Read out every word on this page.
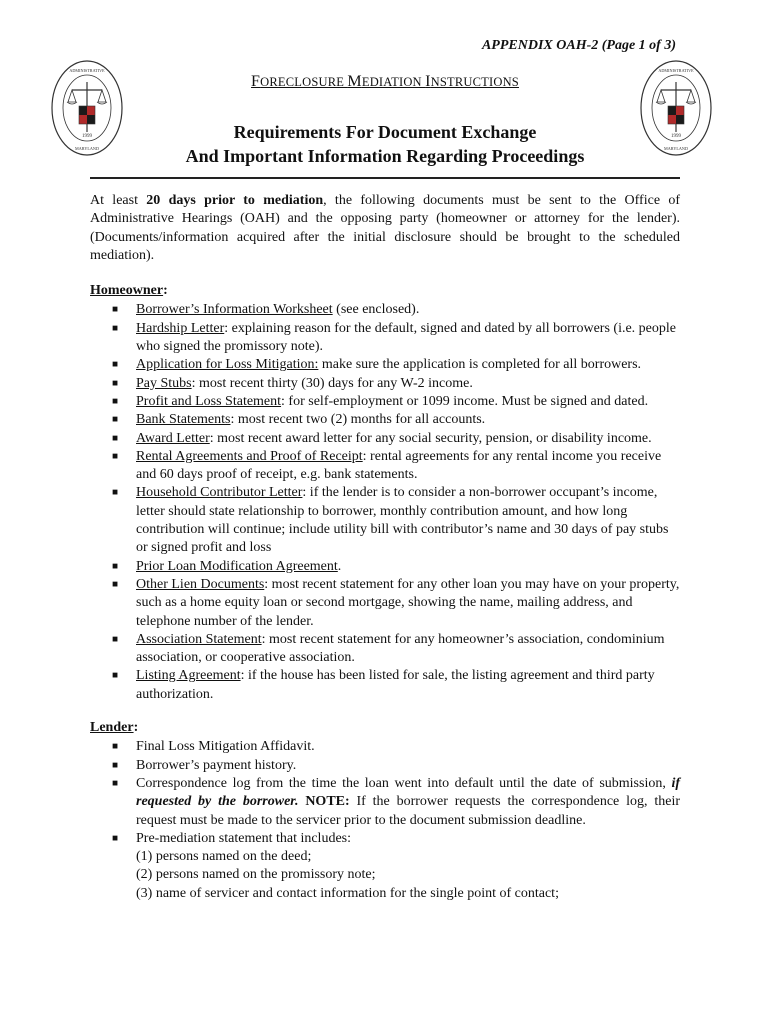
APPENDIX OAH-2 (Page 1 of 3)
1999
ADMINISTRATIVE
MARYLAND
1999
ADMINISTRATIVE
MARYLAND
FORECLOSURE MEDIATION INSTRUCTIONS
Requirements For Document Exchange
And Important Information Regarding Proceedings

At least 20 days prior to mediation, the following documents must be sent to the Office of Administrative Hearings (OAH) and the opposing party (homeowner or attorney for the lender). (Documents/information acquired after the initial disclosure should be brought to the scheduled mediation).

Homeowner:
■ Borrower’s Information Worksheet (see enclosed).
■ Hardship Letter: explaining reason for the default, signed and dated by all borrowers (i.e. people who signed the promissory note).
■ Application for Loss Mitigation: make sure the application is completed for all borrowers.
■ Pay Stubs: most recent thirty (30) days for any W-2 income.
■ Profit and Loss Statement: for self-employment or 1099 income. Must be signed and dated.
■ Bank Statements: most recent two (2) months for all accounts.
■ Award Letter: most recent award letter for any social security, pension, or disability income.
■ Rental Agreements and Proof of Receipt: rental agreements for any rental income you receive and 60 days proof of receipt, e.g. bank statements.
■ Household Contributor Letter: if the lender is to consider a non-borrower occupant’s income, letter should state relationship to borrower, monthly contribution amount, and how long contribution will continue; include utility bill with contributor’s name and 30 days of pay stubs or signed profit and loss
■ Prior Loan Modification Agreement.
■ Other Lien Documents: most recent statement for any other loan you may have on your property, such as a home equity loan or second mortgage, showing the name, mailing address, and telephone number of the lender.
■ Association Statement: most recent statement for any homeowner’s association, condominium association, or cooperative association.
■ Listing Agreement: if the house has been listed for sale, the listing agreement and third party authorization.
Lender:
■ Final Loss Mitigation Affidavit.
■ Borrower’s payment history.
■ Correspondence log from the time the loan went into default until the date of submission, if requested by the borrower. NOTE: If the borrower requests the correspondence log, their request must be made to the servicer prior to the document submission deadline.
■ Pre-mediation statement that includes:
(1) persons named on the deed;
(2) persons named on the promissory note;
(3) name of servicer and contact information for the single point of contact;
